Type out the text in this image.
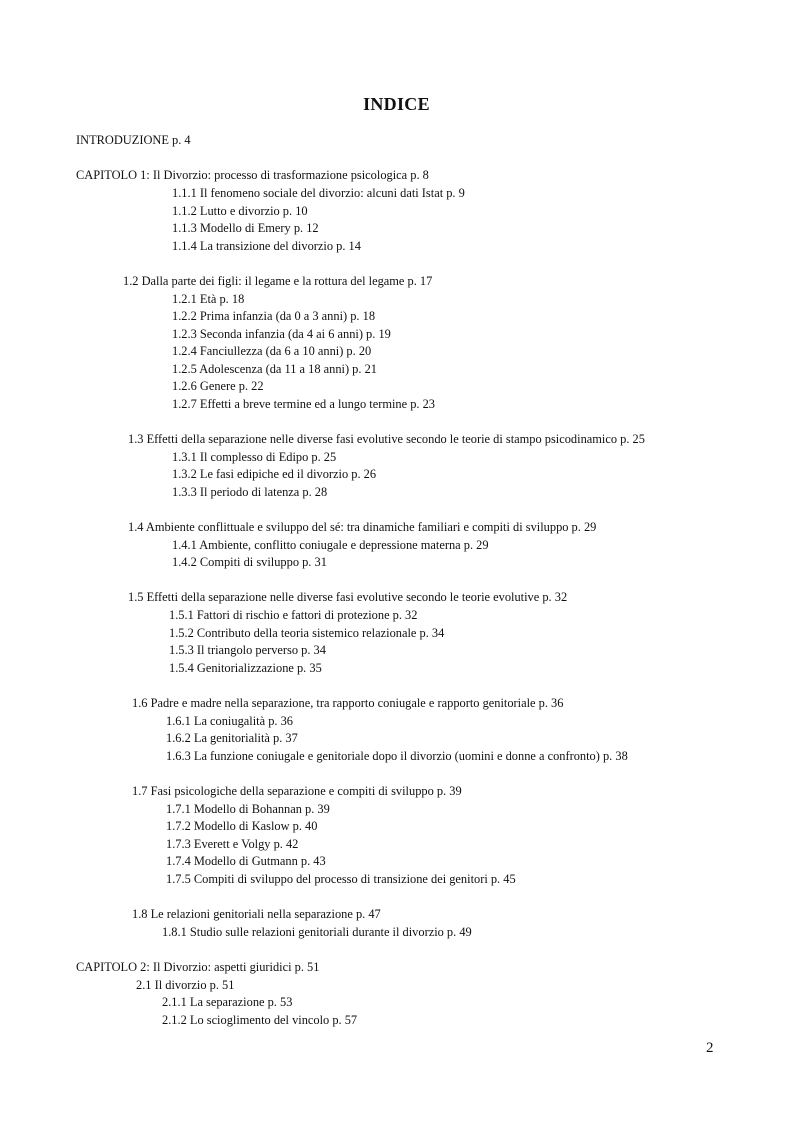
INDICE
INTRODUZIONE p. 4
CAPITOLO 1: Il Divorzio: processo di trasformazione psicologica p. 8
1.1.1 Il fenomeno sociale del divorzio: alcuni dati Istat p. 9
1.1.2 Lutto e divorzio p. 10
1.1.3 Modello di Emery p. 12
1.1.4 La transizione del divorzio p. 14
1.2 Dalla parte dei figli: il legame e la rottura del legame p. 17
1.2.1 Età p. 18
1.2.2 Prima infanzia (da 0 a 3 anni) p. 18
1.2.3 Seconda infanzia (da 4 ai 6 anni) p. 19
1.2.4 Fanciullezza (da 6 a 10 anni) p. 20
1.2.5 Adolescenza (da 11 a 18 anni) p. 21
1.2.6 Genere p. 22
1.2.7 Effetti a breve termine ed a lungo termine p. 23
1.3 Effetti della separazione nelle diverse fasi evolutive secondo le teorie di stampo psicodinamico p. 25
1.3.1 Il complesso di Edipo p. 25
1.3.2 Le fasi edipiche ed il divorzio p. 26
1.3.3 Il periodo di latenza p. 28
1.4 Ambiente conflittuale e sviluppo del sé: tra dinamiche familiari e compiti di sviluppo p. 29
1.4.1 Ambiente, conflitto coniugale e depressione materna p. 29
1.4.2 Compiti di sviluppo p. 31
1.5 Effetti della separazione nelle diverse fasi evolutive secondo le teorie evolutive p. 32
1.5.1 Fattori di rischio e fattori di protezione p. 32
1.5.2 Contributo della teoria sistemico relazionale p. 34
1.5.3 Il triangolo perverso p. 34
1.5.4 Genitorializzazione p. 35
1.6 Padre e madre nella separazione, tra rapporto coniugale e rapporto genitoriale p. 36
1.6.1 La coniugalità p. 36
1.6.2 La genitorialità p. 37
1.6.3 La funzione coniugale e genitoriale dopo il divorzio (uomini e donne a confronto) p. 38
1.7 Fasi psicologiche della separazione e compiti di sviluppo p. 39
1.7.1 Modello di Bohannan p. 39
1.7.2 Modello di Kaslow p. 40
1.7.3 Everett e Volgy p. 42
1.7.4 Modello di Gutmann p. 43
1.7.5 Compiti di sviluppo del processo di transizione dei genitori p. 45
1.8 Le relazioni genitoriali nella separazione p. 47
1.8.1 Studio sulle relazioni genitoriali durante il divorzio p. 49
CAPITOLO 2: Il Divorzio: aspetti giuridici p. 51
2.1 Il divorzio p. 51
2.1.1 La separazione p. 53
2.1.2 Lo scioglimento del vincolo p. 57
2
